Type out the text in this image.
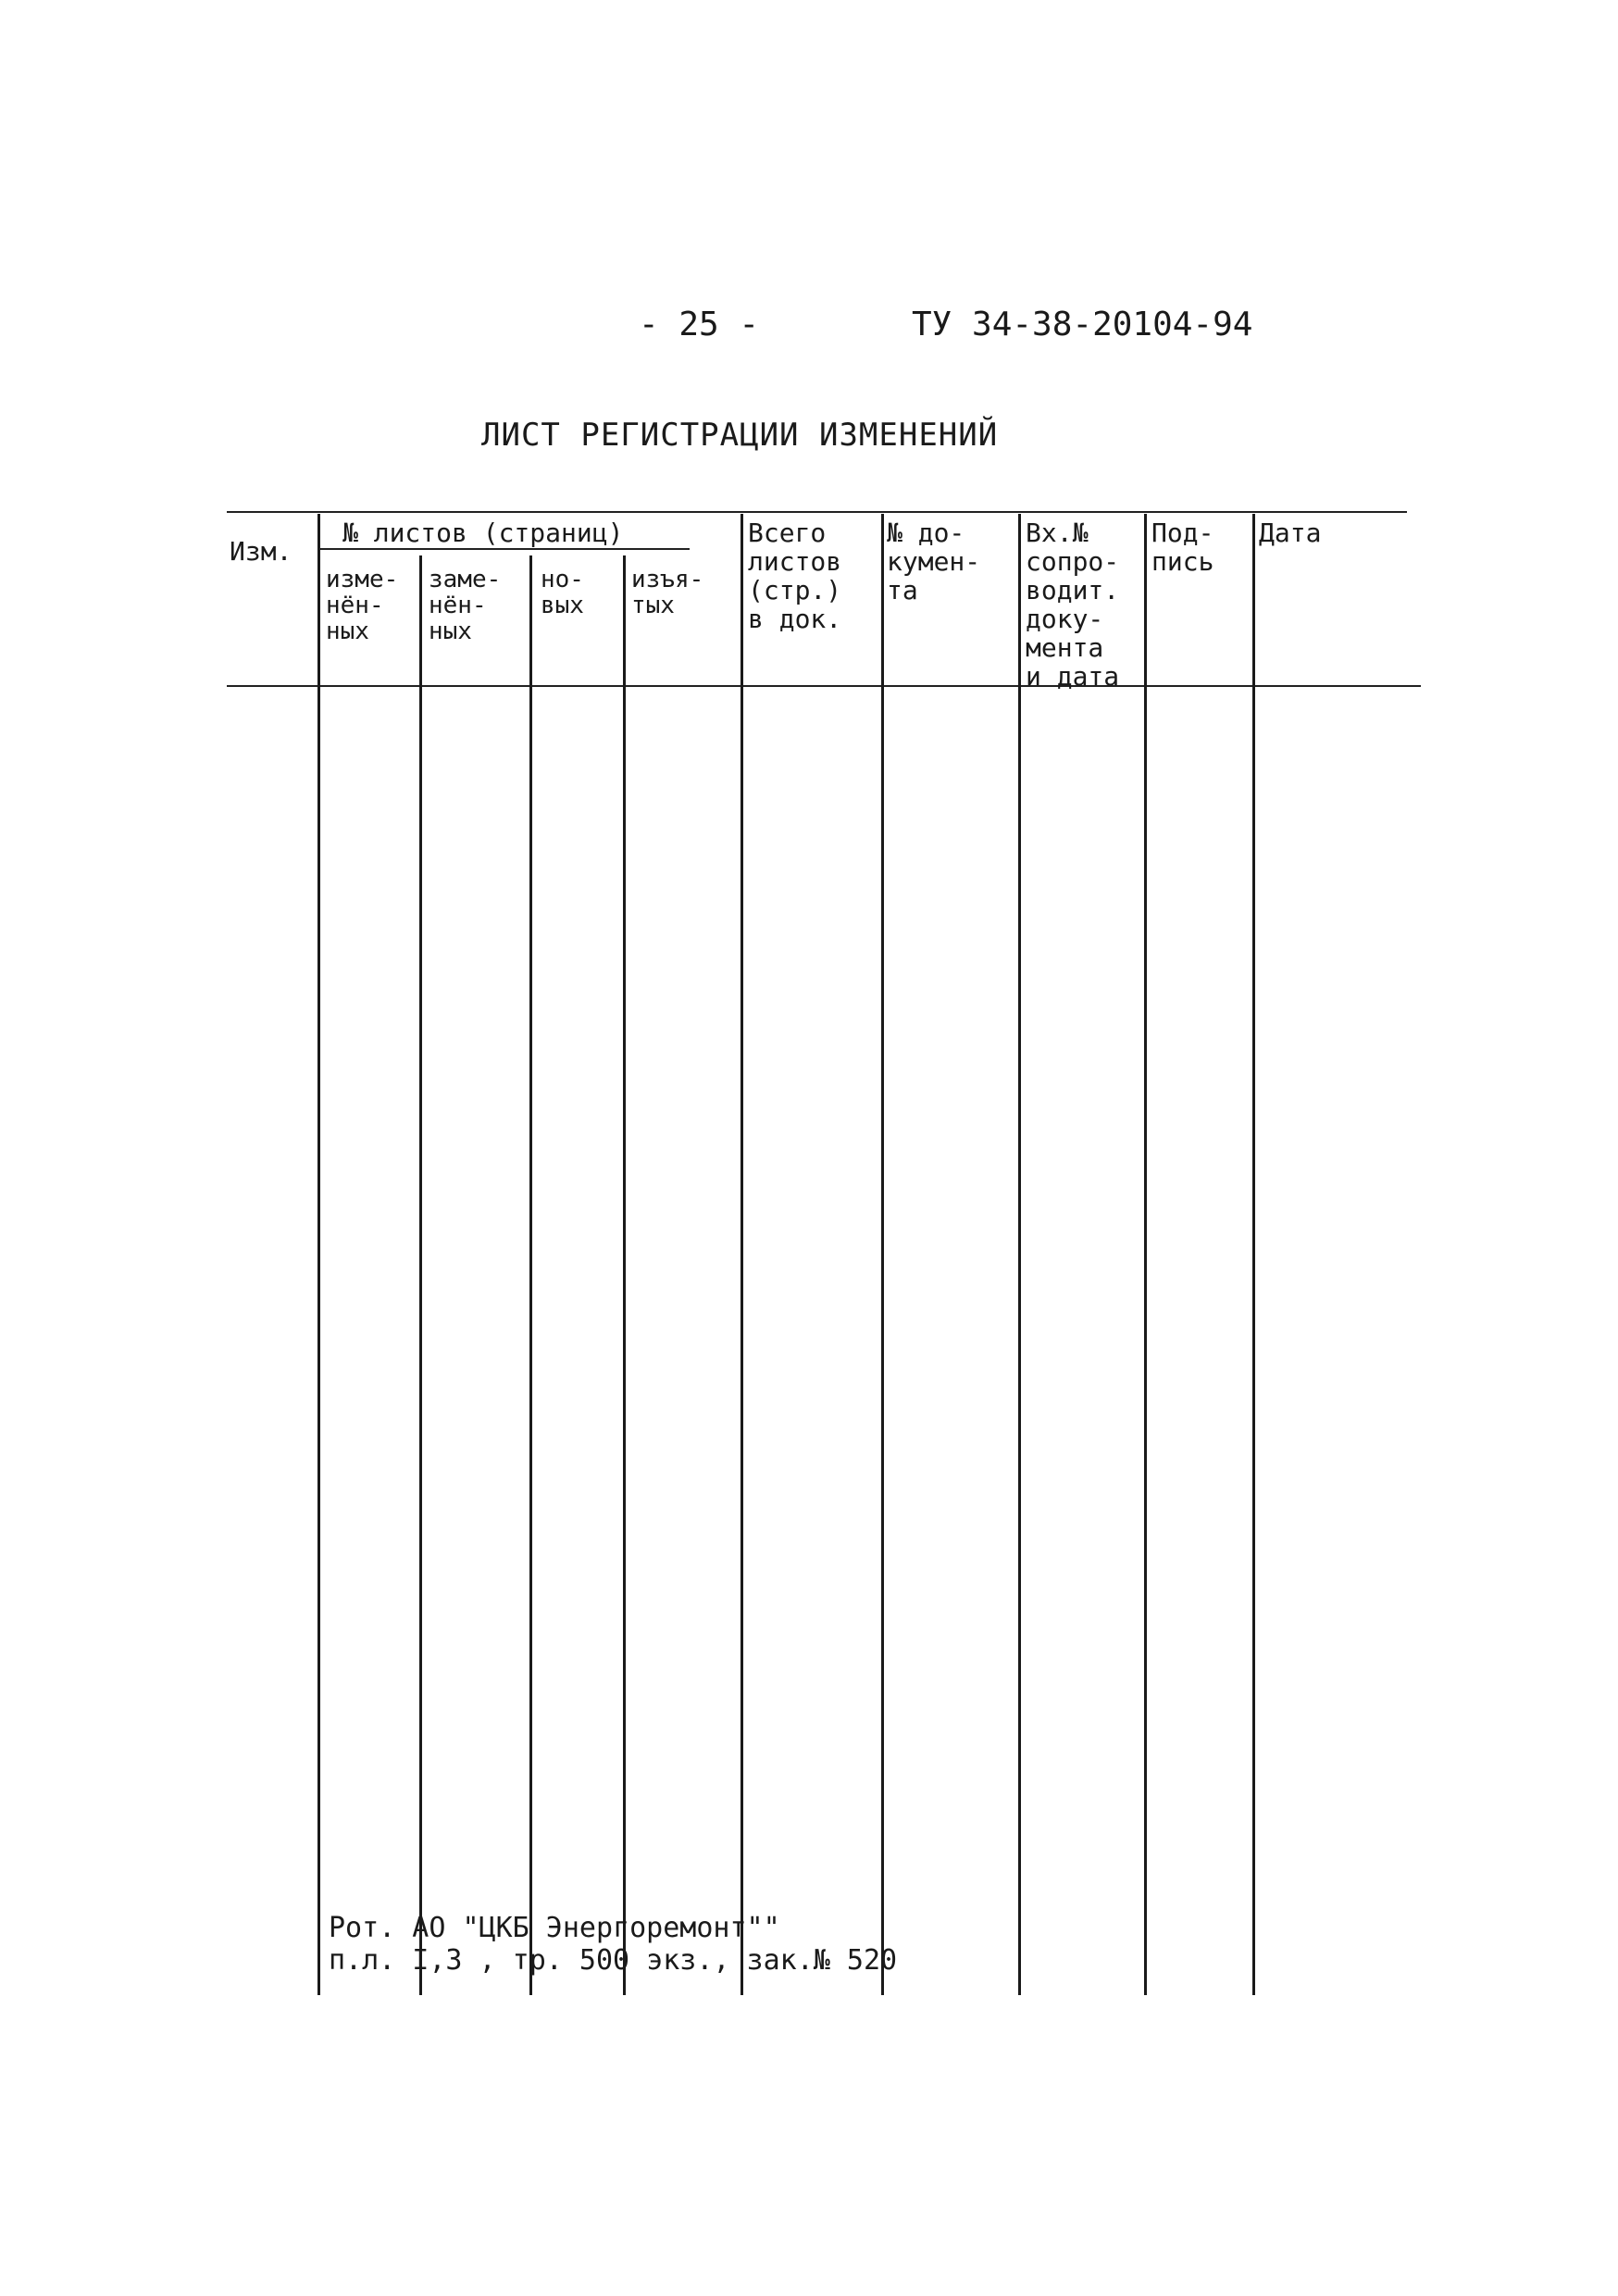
- 25 -	ТУ 34-38-20104-94
ЛИСТ РЕГИСТРАЦИИ ИЗМЕНЕНИЙ
Изм.
№ листов (страниц)
изме-
нён-
ных
заме-
нён-
ных
но-
вых
изъя-
тых
Всего
листов
(стр.)
в док.
№ до-
кумен-
та
Вх.№
сопро-
водит.
доку-
мента
и дата
Под-
пись
Дата
Рот. АО "ЦКБ Энергоремонт""
п.л. I,3 , тр. 500 экз., зак.№ 520
